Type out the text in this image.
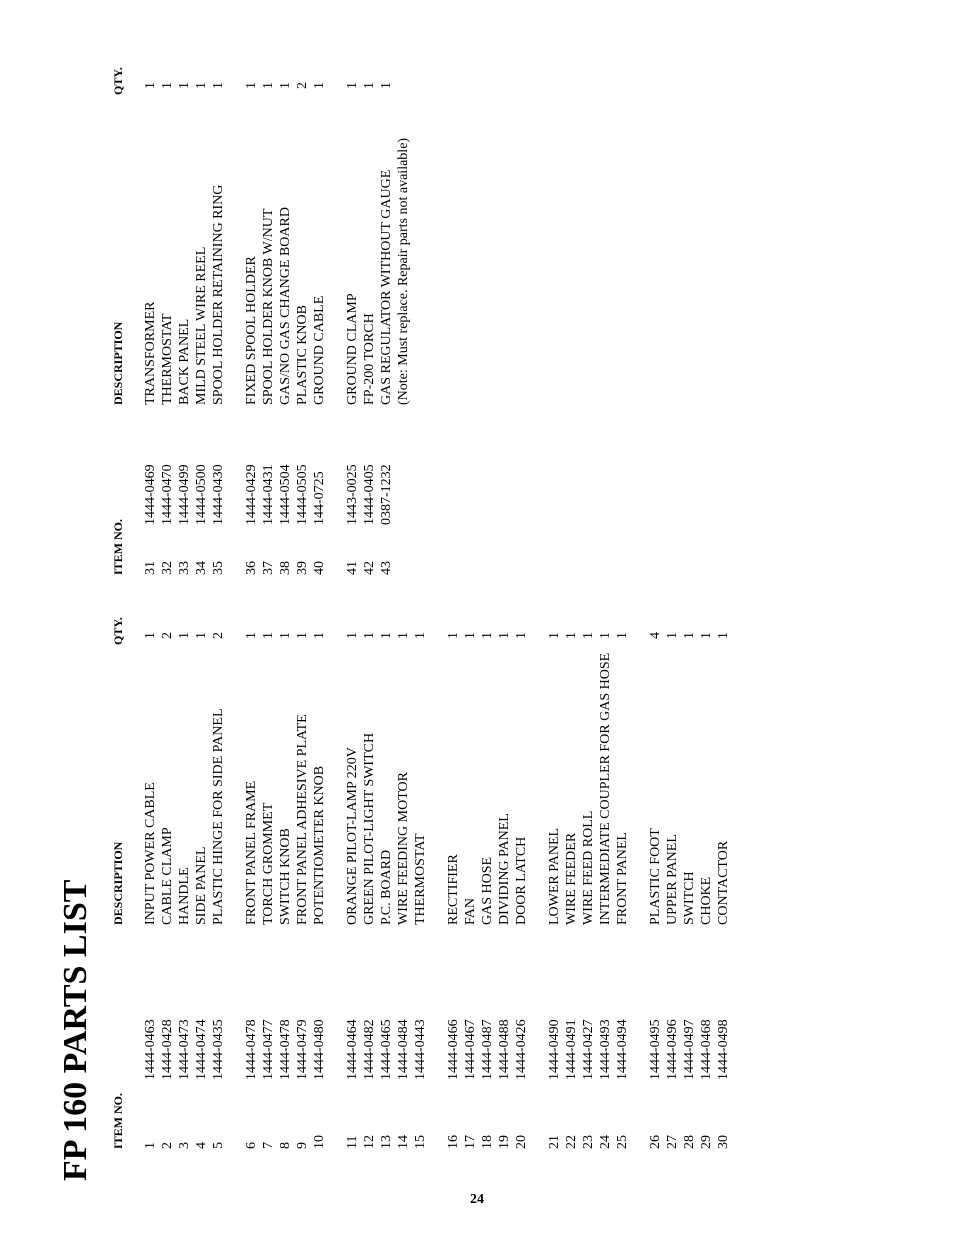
FP 160 PARTS LIST ITEM NO.
DESCRIPTION
QTY.
ITEM NO.
DESCRIPTION
QTY.
1
1444-0463
INPUT POWER CABLE
1
2
1444-0428
CABLE CLAMP
2
3
1444-0473
HANDLE
1
4
1444-0474
SIDE PANEL
1
5
1444-0435
PLASTIC HINGE FOR SIDE PANEL
2
6
1444-0478
FRONT PANEL FRAME
1
7
1444-0477
TORCH GROMMET
1
8
1444-0478
SWITCH KNOB
1
9
1444-0479
FRONT PANEL ADHESIVE PLATE
1
10
1444-0480
POTENTIOMETER KNOB
1
11
1444-0464
ORANGE PILOT-LAMP 220V
1
12
1444-0482
GREEN PILOT-LIGHT SWITCH
1
13
1444-0465
P.C. BOARD
1
14
1444-0484
WIRE FEEDING MOTOR
1
15
1444-0443
THERMOSTAT
1
16
1444-0466
RECTIFIER
1
17
1444-0467
FAN
1
18
1444-0487
GAS HOSE
1
19
1444-0488
DIVIDING PANEL
1
20
1444-0426
DOOR LATCH
1
21
1444-0490
LOWER PANEL
1
22
1444-0491
WIRE FEEDER
1
23
1444-0427
WIRE FEED ROLL
1
24
1444-0493
INTERMEDIATE COUPLER FOR GAS HOSE
1
25
1444-0494
FRONT PANEL
1
26
1444-0495
PLASTIC FOOT
4
27
1444-0496
UPPER PANEL
1
28
1444-0497
SWITCH
1
29
1444-0468
CHOKE
1
30
1444-0498
CONTACTOR
1
31
1444-0469
TRANSFORMER
1
32
1444-0470
THERMOSTAT
1
33
1444-0499
BACK PANEL
1
34
1444-0500
MILD STEEL WIRE REEL
1
35
1444-0430
SPOOL HOLDER RETAINING RING
1
36
1444-0429
FIXED SPOOL HOLDER
1
37
1444-0431
SPOOL HOLDER KNOB W/NUT
1
38
1444-0504
GAS/NO GAS CHANGE BOARD
1
39
1444-0505
PLASTIC KNOB
2
40
144-0725
GROUND CABLE
1
41
1443-0025
GROUND CLAMP
1
42
1444-0405
FP-200 TORCH
1
43
0387-1232
GAS REGULATOR WITHOUT GAUGE
1
(Note: Must replace. Repair parts not available)
24
